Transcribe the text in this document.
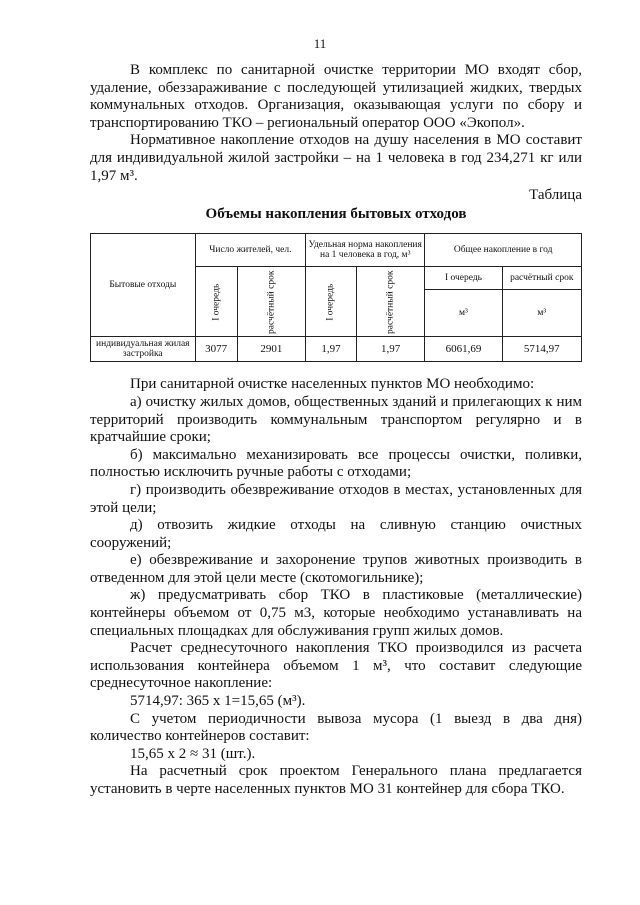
11

В комплекс по санитарной очистке территории МО входят сбор, удаление, обеззараживание с последующей утилизацией жидких, твердых коммунальных отходов. Организация, оказывающая услуги по сбору и транспортированию ТКО – региональный оператор ООО «Экопол».

Нормативное накопление отходов на душу населения в МО составит для индивидуальной жилой застройки – на 1 человека в год 234,271 кг или 1,97 м³.

Таблица

Объемы накопления бытовых отходов

Бытовые отходы	Число жителей, чел.		Удельная норма накопления на 1 человека в год, м³		Общее накопление в год	
	I очередь	расчётный срок	I очередь	расчётный срок	I очередь	расчётный срок
					м³	м³
индивидуальная жилая застройка	3077	2901	1,97	1,97	6061,69	5714,97

При санитарной очистке населенных пунктов МО необходимо:

а) очистку жилых домов, общественных зданий и прилегающих к ним территорий производить коммунальным транспортом регулярно и в кратчайшие сроки;

б) максимально механизировать все процессы очистки, поливки, полностью исключить ручные работы с отходами;

г) производить обезвреживание отходов в местах, установленных для этой цели;

д) отвозить жидкие отходы на сливную станцию очистных сооружений;

е) обезвреживание и захоронение трупов животных производить в отведенном для этой цели месте (скотомогильнике);

ж) предусматривать сбор ТКО в пластиковые (металлические) контейнеры объемом от 0,75 м3, которые необходимо устанавливать на специальных площадках для обслуживания групп жилых домов.

Расчет среднесуточного накопления ТКО производился из расчета использования контейнера объемом 1 м³, что составит следующие среднесуточное накопление:

5714,97: 365 х 1=15,65 (м³).

С учетом периодичности вывоза мусора (1 выезд в два дня) количество контейнеров составит:

15,65 х 2 ≈ 31 (шт.).

На расчетный срок проектом Генерального плана предлагается установить в черте населенных пунктов МО 31 контейнер для сбора ТКО.
